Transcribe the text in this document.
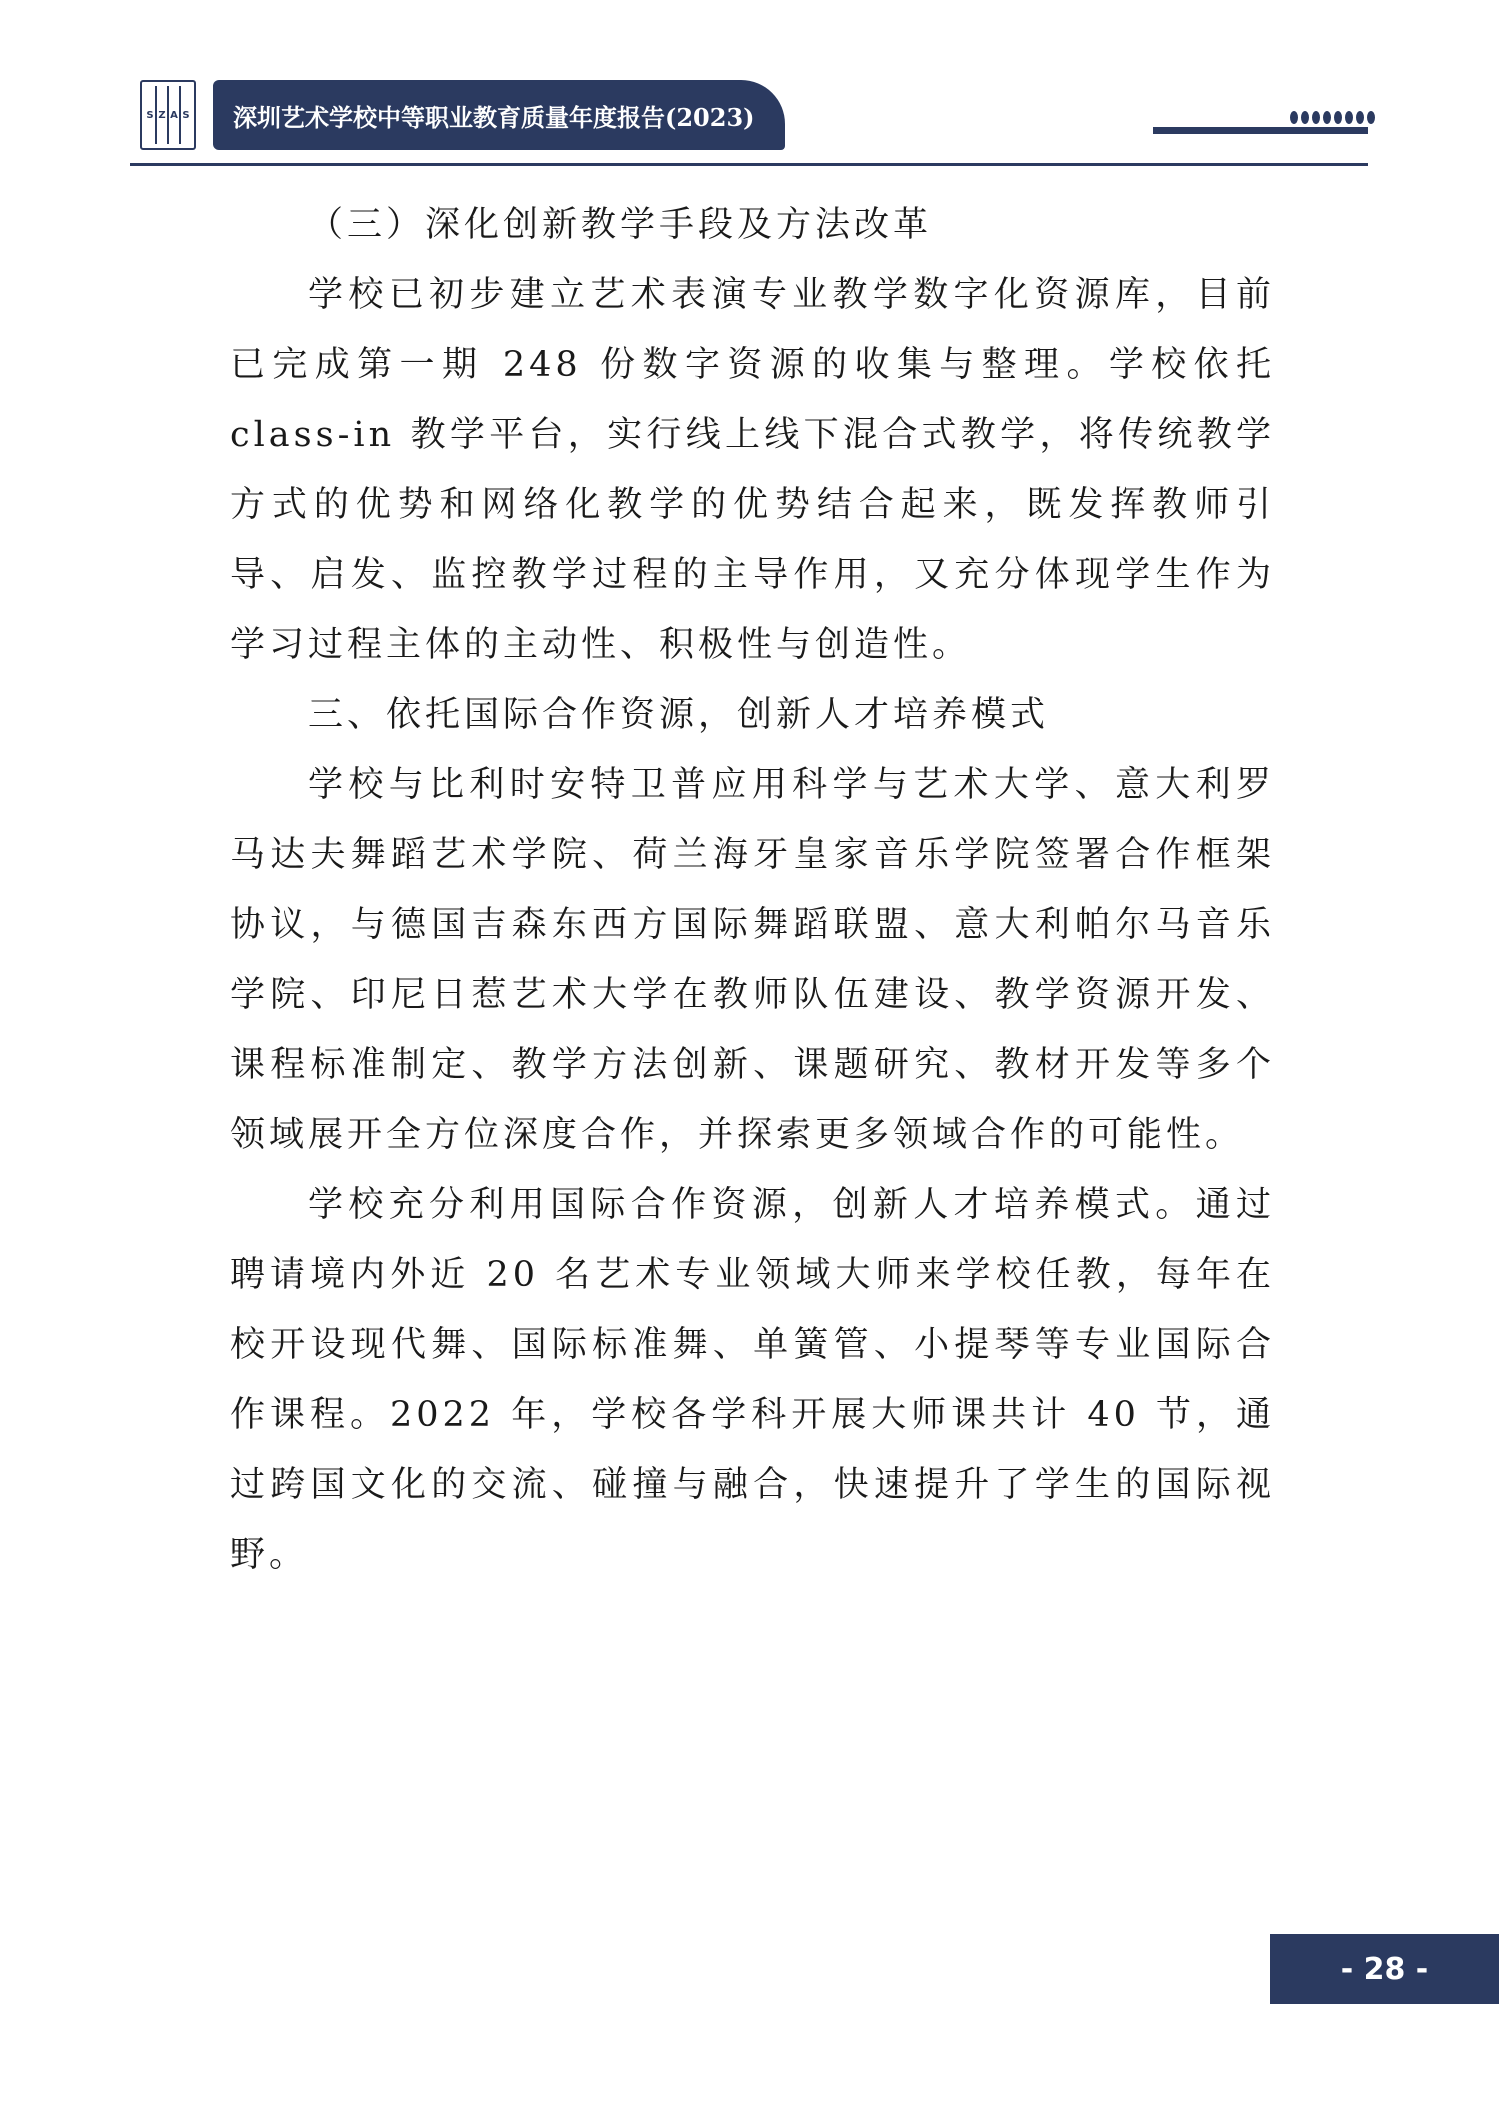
S Z A S	深圳艺术学校中等职业教育质量年度报告(2023)

（三）深化创新教学手段及方法改革

学校已初步建立艺术表演专业教学数字化资源库，目前已完成第一期 248 份数字资源的收集与整理。学校依托 class-in 教学平台，实行线上线下混合式教学，将传统教学方式的优势和网络化教学的优势结合起来，既发挥教师引导、启发、监控教学过程的主导作用，又充分体现学生作为学习过程主体的主动性、积极性与创造性。

三、依托国际合作资源，创新人才培养模式

学校与比利时安特卫普应用科学与艺术大学、意大利罗马达夫舞蹈艺术学院、荷兰海牙皇家音乐学院签署合作框架协议，与德国吉森东西方国际舞蹈联盟、意大利帕尔马音乐学院、印尼日惹艺术大学在教师队伍建设、教学资源开发、课程标准制定、教学方法创新、课题研究、教材开发等多个领域展开全方位深度合作，并探索更多领域合作的可能性。

学校充分利用国际合作资源，创新人才培养模式。通过聘请境内外近 20 名艺术专业领域大师来学校任教，每年在校开设现代舞、国际标准舞、单簧管、小提琴等专业国际合作课程。2022 年，学校各学科开展大师课共计 40 节，通过跨国文化的交流、碰撞与融合，快速提升了学生的国际视野。

- 28 -
